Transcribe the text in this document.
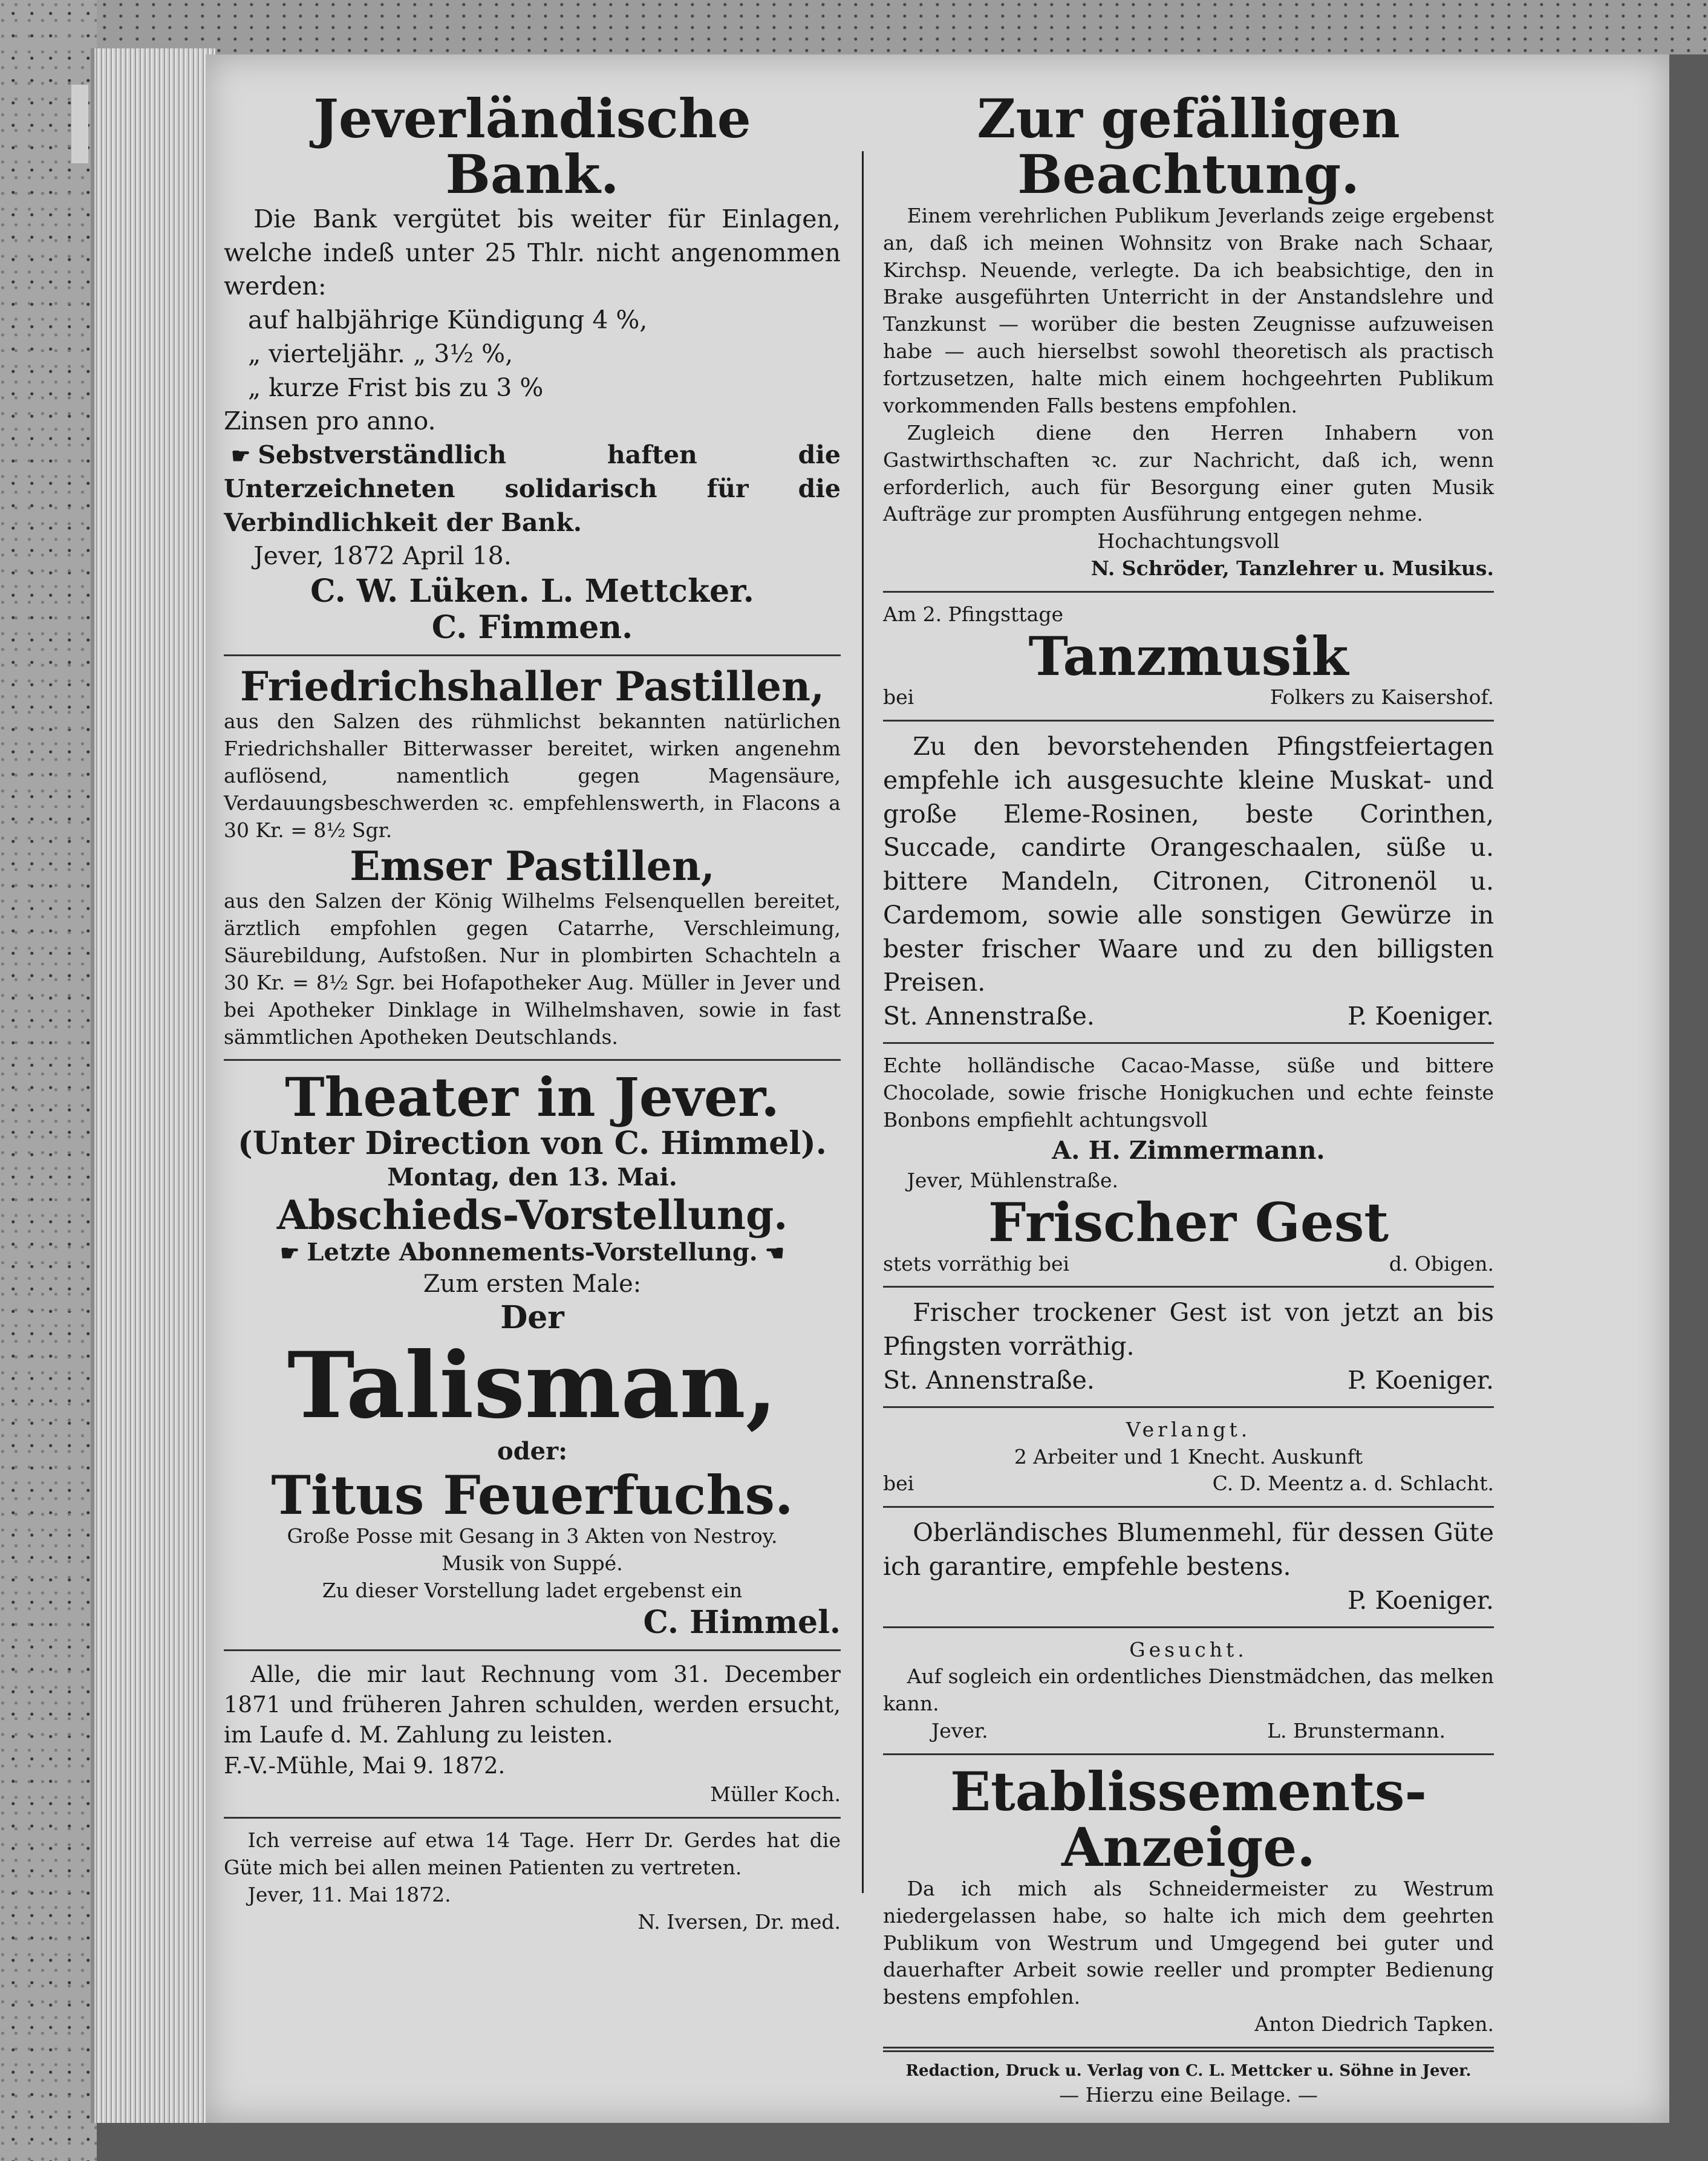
Jeverländische Bank.

Die Bank vergütet bis weiter für Einlagen, welche indeß unter 25 Thlr. nicht angenommen werden:

auf halbjährige Kündigung 4 %,

„ vierteljähr. „ 3½ %,

„ kurze Frist bis zu 3 %

Zinsen pro anno.

☛ Sebstverständlich haften die Unterzeichneten solidarisch für die Verbindlichkeit der Bank.

Jever, 1872 April 18.

C. W. Lüken. L. Mettcker.
C. Fimmen.
Friedrichshaller Pastillen,

aus den Salzen des rühmlichst bekannten natürlichen Friedrichshaller Bitterwasser bereitet, wirken angenehm auflösend, namentlich gegen Magensäure, Verdauungsbeschwerden ꝛc. empfehlenswerth, in Flacons a 30 Kr. = 8½ Sgr.

Emser Pastillen,

aus den Salzen der König Wilhelms Felsenquellen bereitet, ärztlich empfohlen gegen Catarrhe, Verschleimung, Säurebildung, Aufstoßen. Nur in plombirten Schachteln a 30 Kr. = 8½ Sgr. bei Hofapotheker Aug. Müller in Jever und bei Apotheker Dinklage in Wilhelmshaven, sowie in fast sämmtlichen Apotheken Deutschlands.

Theater in Jever.
(Unter Direction von C. Himmel).
Montag, den 13. Mai.
Abschieds-Vorstellung.
☛ Letzte Abonnements-Vorstellung. ☚
Zum ersten Male:
Der
Talisman,
oder:
Titus Feuerfuchs.
Große Posse mit Gesang in 3 Akten von Nestroy.
Musik von Suppé.
Zu dieser Vorstellung ladet ergebenst ein
C. Himmel.

Alle, die mir laut Rechnung vom 31. December 1871 und früheren Jahren schulden, werden ersucht, im Laufe d. M. Zahlung zu leisten.

F.-V.-Mühle, Mai 9. 1872.

Müller Koch.

Ich verreise auf etwa 14 Tage. Herr Dr. Gerdes hat die Güte mich bei allen meinen Patienten zu vertreten.

Jever, 11. Mai 1872.

N. Iversen, Dr. med.

Zur gefälligen Beachtung.

Einem verehrlichen Publikum Jeverlands zeige ergebenst an, daß ich meinen Wohnsitz von Brake nach Schaar, Kirchsp. Neuende, verlegte. Da ich beabsichtige, den in Brake ausgeführten Unterricht in der Anstandslehre und Tanzkunst — worüber die besten Zeugnisse aufzuweisen habe — auch hierselbst sowohl theoretisch als practisch fortzusetzen, halte mich einem hochgeehrten Publikum vorkommenden Falls bestens empfohlen.

Zugleich diene den Herren Inhabern von Gastwirthschaften ꝛc. zur Nachricht, daß ich, wenn erforderlich, auch für Besorgung einer guten Musik Aufträge zur prompten Ausführung entgegen nehme.

Hochachtungsvoll

N. Schröder, Tanzlehrer u. Musikus.

Am 2. Pfingsttage

Tanzmusik
bei	Folkers zu Kaisershof.

Zu den bevorstehenden Pfingstfeiertagen empfehle ich ausgesuchte kleine Muskat- und große Eleme-Rosinen, beste Corinthen, Succade, candirte Orangeschaalen, süße u. bittere Mandeln, Citronen, Citronenöl u. Cardemom, sowie alle sonstigen Gewürze in bester frischer Waare und zu den billigsten Preisen.

St. Annenstraße.	P. Koeniger.

Echte holländische Cacao-Masse, süße und bittere Chocolade, sowie frische Honigkuchen und echte feinste Bonbons empfiehlt achtungsvoll

A. H. Zimmermann.

Jever, Mühlenstraße.

Frischer Gest
stets vorräthig bei	d. Obigen.

Frischer trockener Gest ist von jetzt an bis Pfingsten vorräthig.

St. Annenstraße.	P. Koeniger.

Verlangt.

2 Arbeiter und 1 Knecht. Auskunft

bei	C. D. Meentz a. d. Schlacht.

Oberländisches Blumenmehl, für dessen Güte ich garantire, empfehle bestens.

P. Koeniger.

Gesucht.

Auf sogleich ein ordentliches Dienstmädchen, das melken kann.

Jever.	L. Brunstermann.
Etablissements-Anzeige.

Da ich mich als Schneidermeister zu Westrum niedergelassen habe, so halte ich mich dem geehrten Publikum von Westrum und Umgegend bei guter und dauerhafter Arbeit sowie reeller und prompter Bedienung bestens empfohlen.

Anton Diedrich Tapken.

Redaction, Druck u. Verlag von C. L. Mettcker u. Söhne in Jever.

— Hierzu eine Beilage. —
